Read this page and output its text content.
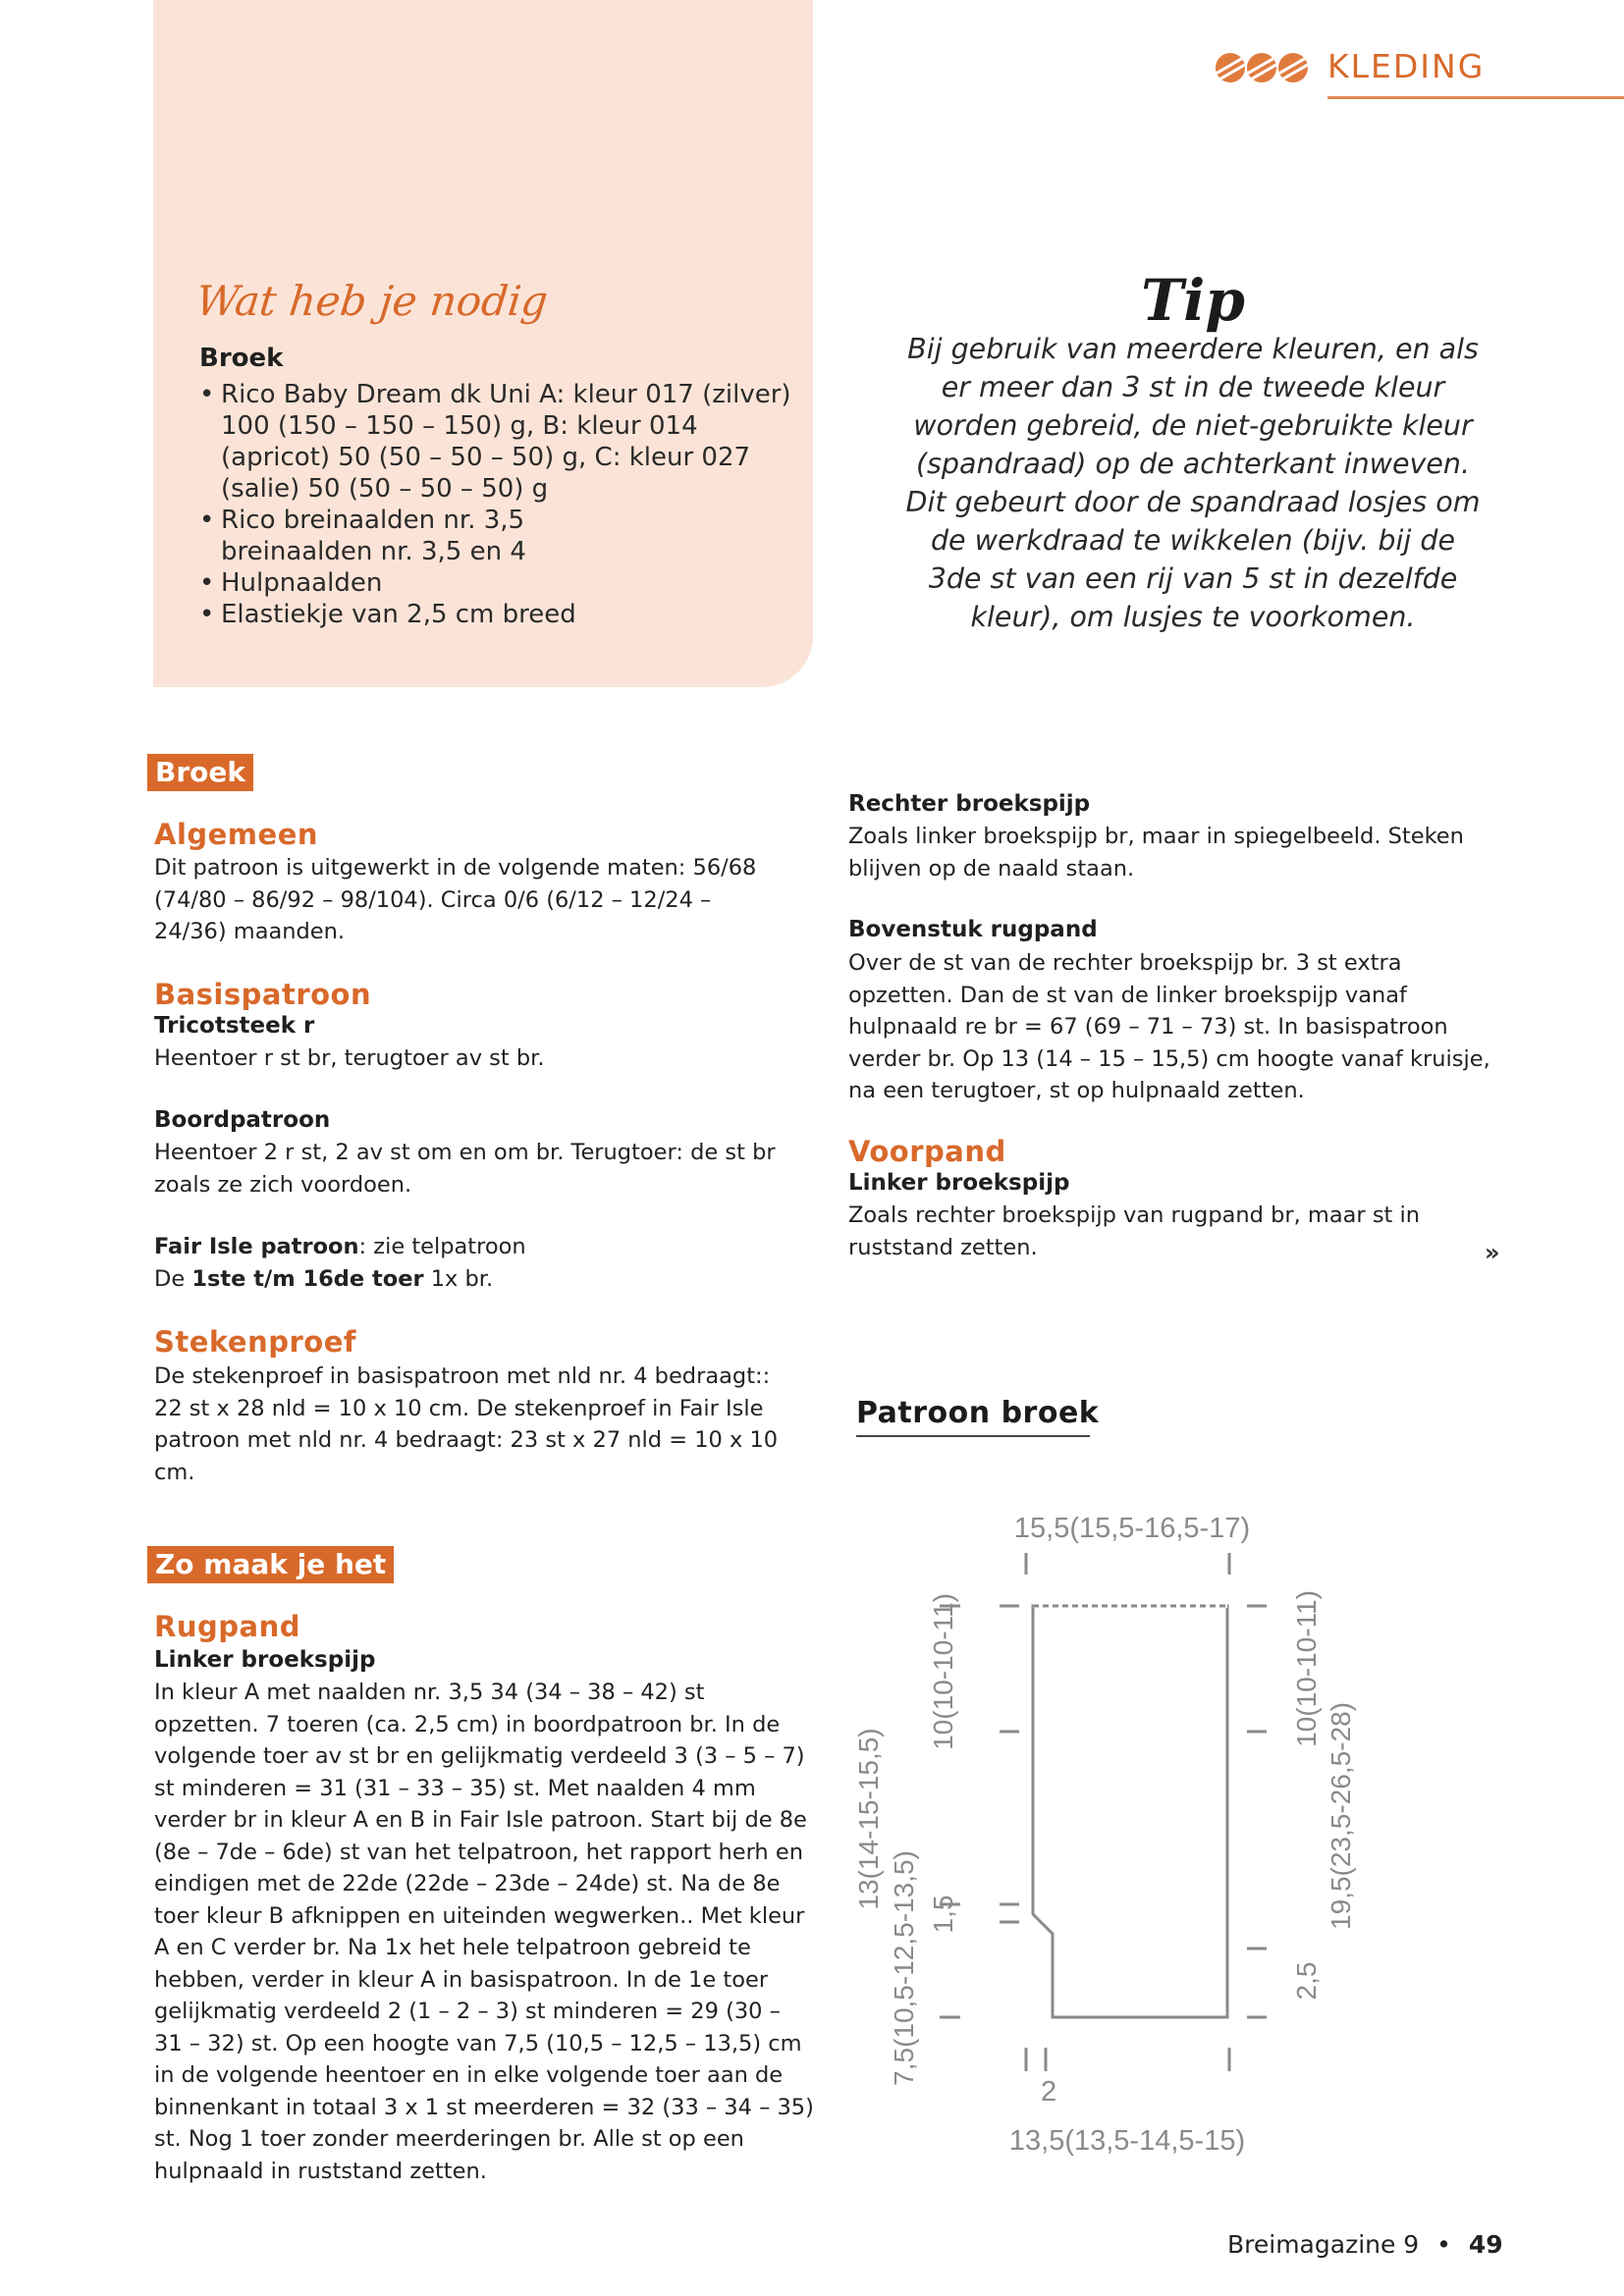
KLEDING
Wat heb je nodig
Broek
• Rico Baby Dream dk Uni A: kleur 017 (zilver) 100 (150 – 150 – 150) g, B: kleur 014 (apricot) 50 (50 – 50 – 50) g, C: kleur 027 (salie) 50 (50 – 50 – 50) g
• Rico breinaalden nr. 3,5 breinaalden nr. 3,5 en 4
• Hulpnaalden
• Elastiekje van 2,5 cm breed
Tip
Bij gebruik van meerdere kleuren, en als er meer dan 3 st in de tweede kleur worden gebreid, de niet-gebruikte kleur (spandraad) op de achterkant inweven. Dit gebeurt door de spandraad losjes om de werkdraad te wikkelen (bijv. bij de 3de st van een rij van 5 st in dezelfde kleur), om lusjes te voorkomen.
Broek
Algemeen
Dit patroon is uitgewerkt in de volgende maten: 56/68 (74/80 – 86/92 – 98/104). Circa 0/6 (6/12 – 12/24 – 24/36) maanden.
Basispatroon
Tricotsteek r
Heentoer r st br, terugtoer av st br.
Boordpatroon
Heentoer 2 r st, 2 av st om en om br. Terugtoer: de st br zoals ze zich voordoen.
Fair Isle patroon: zie telpatroon
De 1ste t/m 16de toer 1x br.
Stekenproef
De stekenproef in basispatroon met nld nr. 4 bedraagt:: 22 st x 28 nld = 10 x 10 cm. De stekenproef in Fair Isle patroon met nld nr. 4 bedraagt: 23 st x 27 nld = 10 x 10 cm.
Zo maak je het
Rugpand
Linker broekspijp
In kleur A met naalden nr. 3,5 34 (34 – 38 – 42) st opzetten. 7 toeren (ca. 2,5 cm) in boordpatroon br. In de volgende toer av st br en gelijkmatig verdeeld 3 (3 – 5 – 7) st minderen = 31 (31 – 33 – 35) st. Met naalden 4 mm verder br in kleur A en B in Fair Isle patroon. Start bij de 8e (8e – 7de – 6de) st van het telpatroon, het rapport herh en eindigen met de 22de (22de – 23de – 24de) st. Na de 8e toer kleur B afknippen en uiteinden wegwerken.. Met kleur A en C verder br. Na 1x het hele telpatroon gebreid te hebben, verder in kleur A in basispatroon. In de 1e toer gelijkmatig verdeeld 2 (1 – 2 – 3) st minderen = 29 (30 – 31 – 32) st. Op een hoogte van 7,5 (10,5 – 12,5 – 13,5) cm in de volgende heentoer en in elke volgende toer aan de binnenkant in totaal 3 x 1 st meerderen = 32 (33 – 34 – 35) st. Nog 1 toer zonder meerderingen br. Alle st op een hulpnaald in ruststand zetten.
Rechter broekspijp
Zoals linker broekspijp br, maar in spiegelbeeld. Steken blijven op de naald staan.
Bovenstuk rugpand
Over de st van de rechter broekspijp br. 3 st extra opzetten. Dan de st van de linker broekspijp vanaf hulpnaald re br = 67 (69 – 71 – 73) st. In basispatroon verder br. Op 13 (14 – 15 – 15,5) cm hoogte vanaf kruisje, na een terugtoer, st op hulpnaald zetten.
Voorpand
Linker broekspijp
Zoals rechter broekspijp van rugpand br, maar st in ruststand zetten.	»
Patroon broek
15,5(15,5-16,5-17)
2
13,5(13,5-14,5-15)
13(14-15-15,5)
10(10-10-11)
1,5
7,5(10,5-12,5-13,5)
10(10-10-11)
19,5(23,5-26,5-28)
2,5
Breimagazine 9 • 49
